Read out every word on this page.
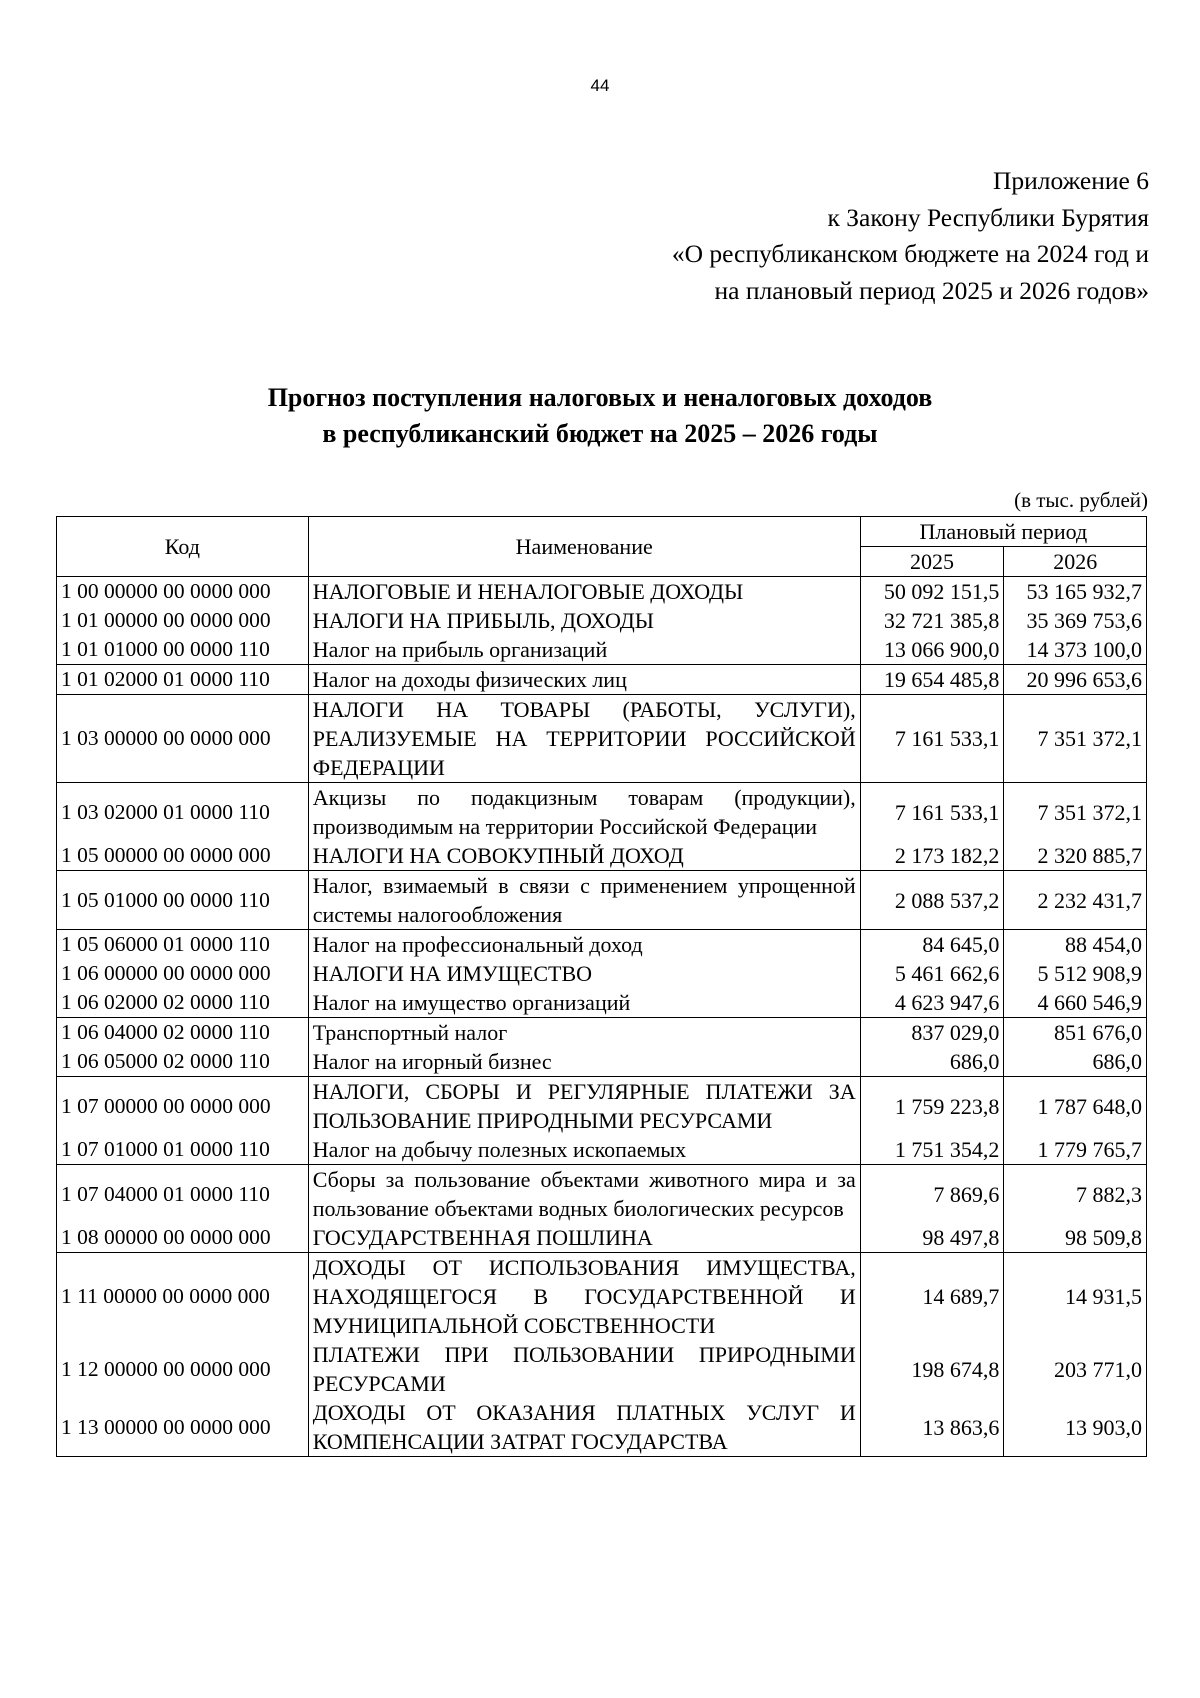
44
Приложение 6
к Закону Республики Бурятия
«О республиканском бюджете на 2024 год и
на плановый период 2025 и 2026 годов»
Прогноз поступления налоговых и неналоговых доходов
в республиканский бюджет на 2025 – 2026 годы
(в тыс. рублей)
Код	Наименование	Плановый период	
		2025	2026
1 00 00000 00 0000 000	НАЛОГОВЫЕ И НЕНАЛОГОВЫЕ ДОХОДЫ	50 092 151,5	53 165 932,7
1 01 00000 00 0000 000	НАЛОГИ НА ПРИБЫЛЬ, ДОХОДЫ	32 721 385,8	35 369 753,6
1 01 01000 00 0000 110	Налог на прибыль организаций	13 066 900,0	14 373 100,0
1 01 02000 01 0000 110	Налог на доходы физических лиц	19 654 485,8	20 996 653,6
1 03 00000 00 0000 000	НАЛОГИ НА ТОВАРЫ (РАБОТЫ, УСЛУГИ), РЕАЛИЗУЕМЫЕ НА ТЕРРИТОРИИ РОССИЙСКОЙ ФЕДЕРАЦИИ	7 161 533,1	7 351 372,1
1 03 02000 01 0000 110	Акцизы по подакцизным товарам (продукции), производимым на территории Российской Федерации	7 161 533,1	7 351 372,1
1 05 00000 00 0000 000	НАЛОГИ НА СОВОКУПНЫЙ ДОХОД	2 173 182,2	2 320 885,7
1 05 01000 00 0000 110	Налог, взимаемый в связи с применением упрощенной системы налогообложения	2 088 537,2	2 232 431,7
1 05 06000 01 0000 110	Налог на профессиональный доход	84 645,0	88 454,0
1 06 00000 00 0000 000	НАЛОГИ НА ИМУЩЕСТВО	5 461 662,6	5 512 908,9
1 06 02000 02 0000 110	Налог на имущество организаций	4 623 947,6	4 660 546,9
1 06 04000 02 0000 110	Транспортный налог	837 029,0	851 676,0
1 06 05000 02 0000 110	Налог на игорный бизнес	686,0	686,0
1 07 00000 00 0000 000	НАЛОГИ, СБОРЫ И РЕГУЛЯРНЫЕ ПЛАТЕЖИ ЗА ПОЛЬЗОВАНИЕ ПРИРОДНЫМИ РЕСУРСАМИ	1 759 223,8	1 787 648,0
1 07 01000 01 0000 110	Налог на добычу полезных ископаемых	1 751 354,2	1 779 765,7
1 07 04000 01 0000 110	Сборы за пользование объектами животного мира и за пользование объектами водных биологических ресурсов	7 869,6	7 882,3
1 08 00000 00 0000 000	ГОСУДАРСТВЕННАЯ ПОШЛИНА	98 497,8	98 509,8
1 11 00000 00 0000 000	ДОХОДЫ ОТ ИСПОЛЬЗОВАНИЯ ИМУЩЕСТВА, НАХОДЯЩЕГОСЯ В ГОСУДАРСТВЕННОЙ И МУНИЦИПАЛЬНОЙ СОБСТВЕННОСТИ	14 689,7	14 931,5
1 12 00000 00 0000 000	ПЛАТЕЖИ ПРИ ПОЛЬЗОВАНИИ ПРИРОДНЫМИ РЕСУРСАМИ	198 674,8	203 771,0
1 13 00000 00 0000 000	ДОХОДЫ ОТ ОКАЗАНИЯ ПЛАТНЫХ УСЛУГ И КОМПЕНСАЦИИ ЗАТРАТ ГОСУДАРСТВА	13 863,6	13 903,0
